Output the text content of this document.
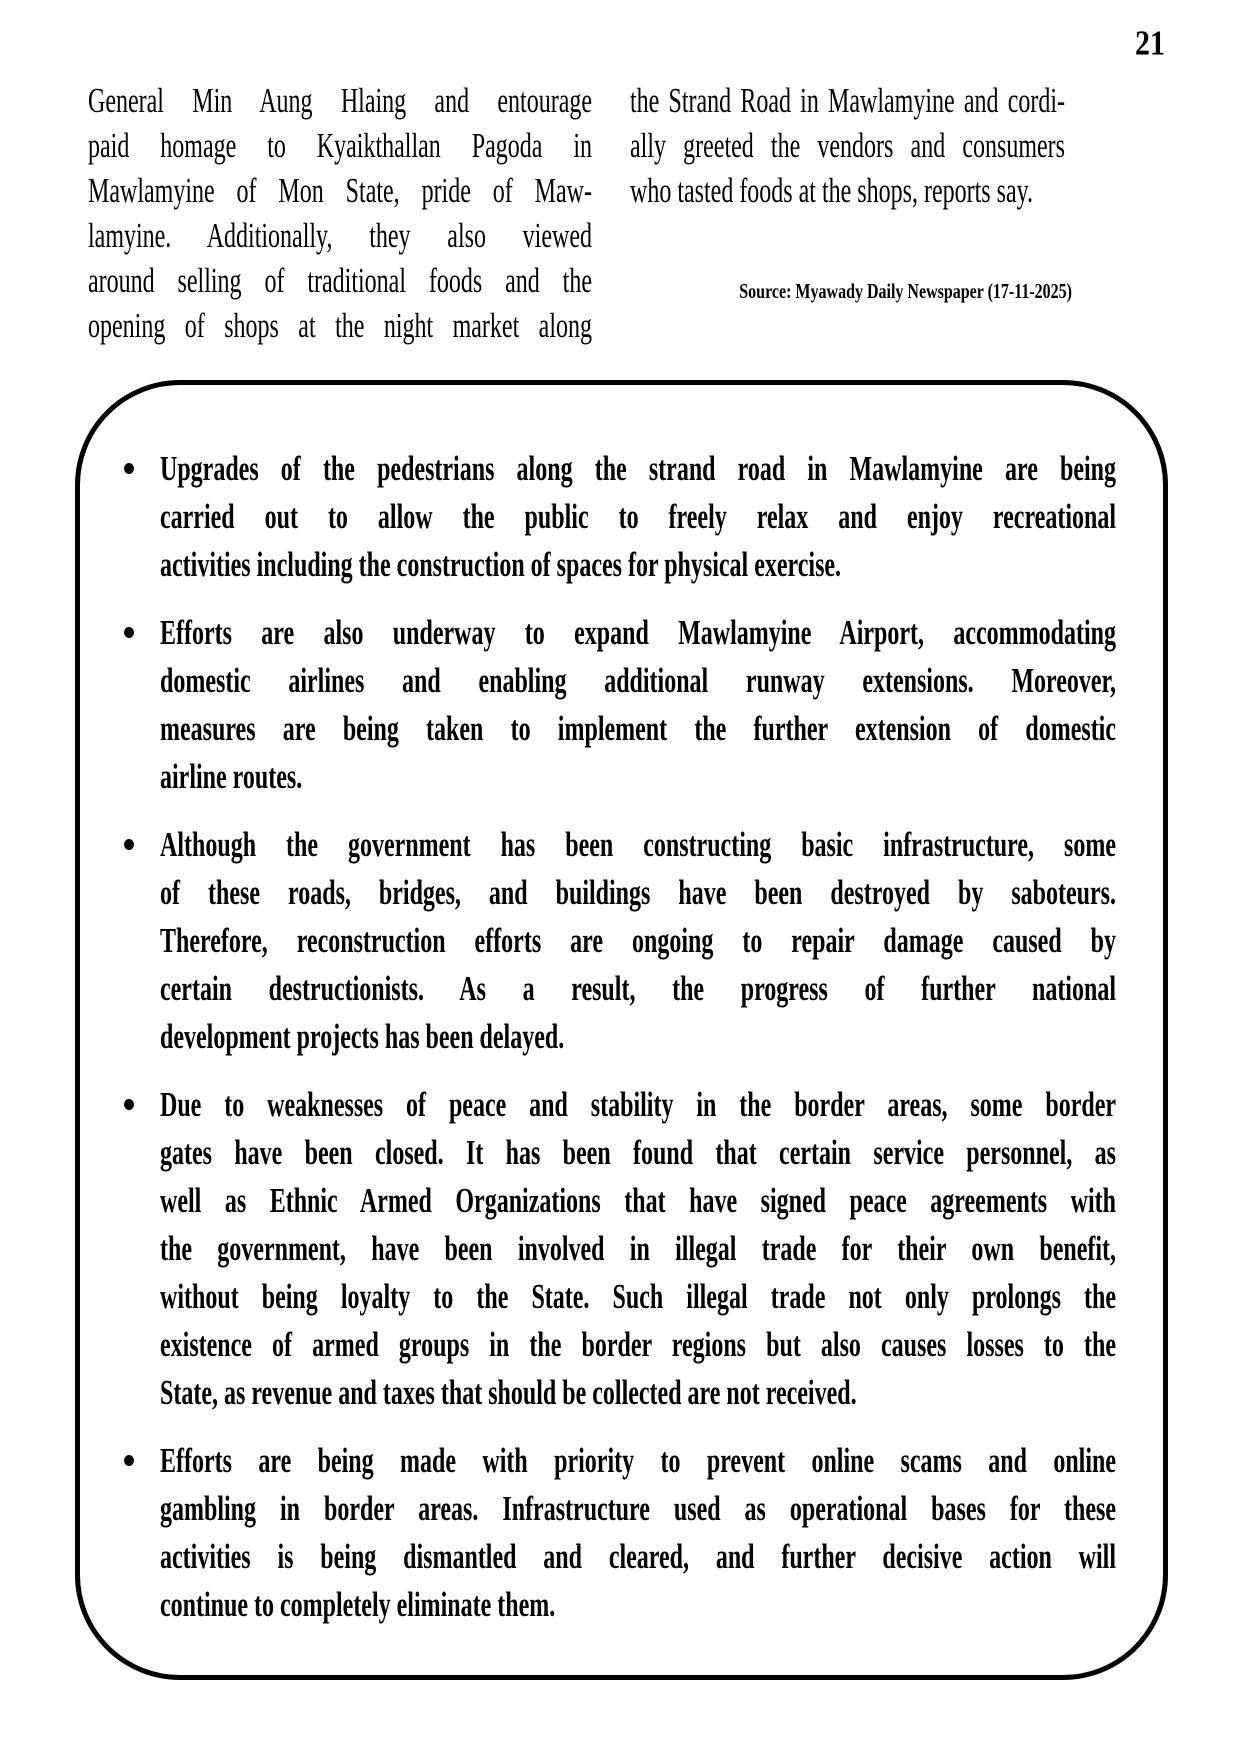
21
General Min Aung Hlaing and entourage
paid homage to Kyaikthallan Pagoda in
Mawlamyine of Mon State, pride of Maw-
lamyine. Additionally, they also viewed
around selling of traditional foods and the
opening of shops at the night market along
the Strand Road in Mawlamyine and cordi-
ally greeted the vendors and consumers
who tasted foods at the shops, reports say.
Source: Myawady Daily Newspaper (17-11-2025)
Upgrades of the pedestrians along the strand road in Mawlamyine are being
carried out to allow the public to freely relax and enjoy recreational
activities including the construction of spaces for physical exercise.
Efforts are also underway to expand Mawlamyine Airport, accommodating
domestic airlines and enabling additional runway extensions. Moreover,
measures are being taken to implement the further extension of domestic
airline routes.
Although the government has been constructing basic infrastructure, some
of these roads, bridges, and buildings have been destroyed by saboteurs.
Therefore, reconstruction efforts are ongoing to repair damage caused by
certain destructionists. As a result, the progress of further national
development projects has been delayed.
Due to weaknesses of peace and stability in the border areas, some border
gates have been closed. It has been found that certain service personnel, as
well as Ethnic Armed Organizations that have signed peace agreements with
the government, have been involved in illegal trade for their own benefit,
without being loyalty to the State. Such illegal trade not only prolongs the
existence of armed groups in the border regions but also causes losses to the
State, as revenue and taxes that should be collected are not received.
Efforts are being made with priority to prevent online scams and online
gambling in border areas. Infrastructure used as operational bases for these
activities is being dismantled and cleared, and further decisive action will
continue to completely eliminate them.
